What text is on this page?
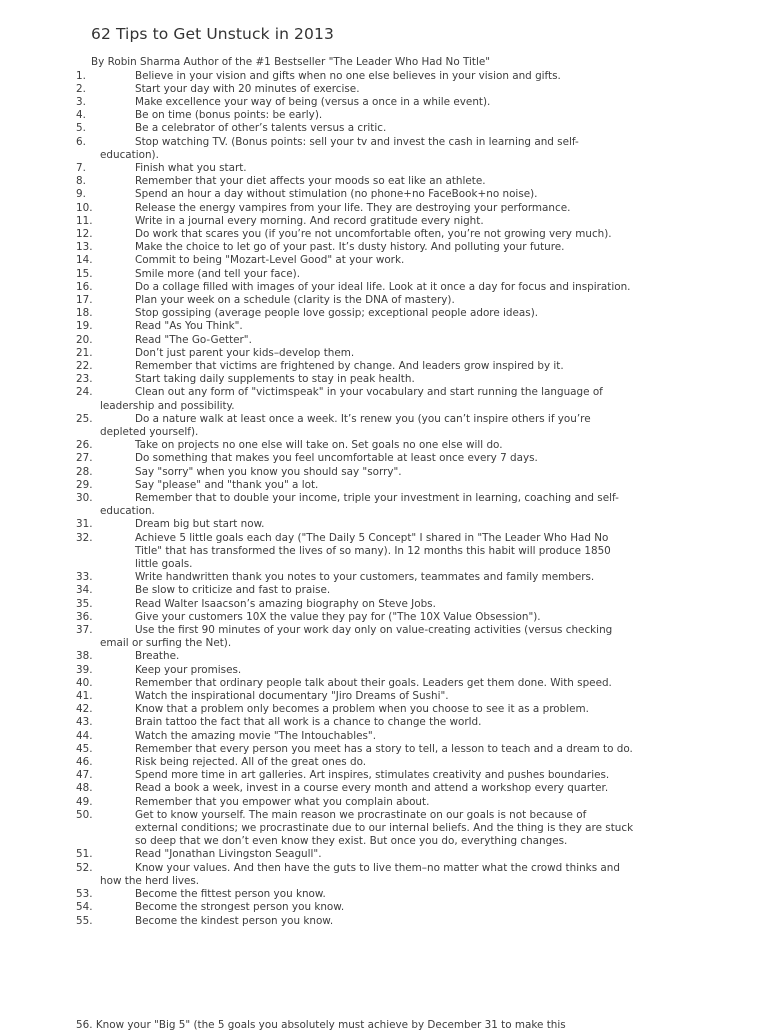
62 Tips to Get Unstuck in 2013
By Robin Sharma Author of the #1 Bestseller "The Leader Who Had No Title"
1.	Believe in your vision and gifts when no one else believes in your vision and gifts.
2.	Start your day with 20 minutes of exercise.
3.	Make excellence your way of being (versus a once in a while event).
4.	Be on time (bonus points: be early).
5.	Be a celebrator of other’s talents versus a critic.
6.	Stop watching TV. (Bonus points: sell your tv and invest the cash in learning and self-
education).
7.	Finish what you start.
8.	Remember that your diet affects your moods so eat like an athlete.
9.	Spend an hour a day without stimulation (no phone+no FaceBook+no noise).
10.	Release the energy vampires from your life. They are destroying your performance.
11.	Write in a journal every morning. And record gratitude every night.
12.	Do work that scares you (if you’re not uncomfortable often, you’re not growing very much).
13.	Make the choice to let go of your past. It’s dusty history. And polluting your future.
14.	Commit to being "Mozart-Level Good" at your work.
15.	Smile more (and tell your face).
16.	Do a collage filled with images of your ideal life. Look at it once a day for focus and inspiration.
17.	Plan your week on a schedule (clarity is the DNA of mastery).
18.	Stop gossiping (average people love gossip; exceptional people adore ideas).
19.	Read "As You Think".
20.	Read "The Go-Getter".
21.	Don’t just parent your kids–develop them.
22.	Remember that victims are frightened by change. And leaders grow inspired by it.
23.	Start taking daily supplements to stay in peak health.
24.	Clean out any form of "victimspeak" in your vocabulary and start running the language of
leadership and possibility.
25.	Do a nature walk at least once a week. It’s renew you (you can’t inspire others if you’re
depleted yourself).
26.	Take on projects no one else will take on. Set goals no one else will do.
27.	Do something that makes you feel uncomfortable at least once every 7 days.
28.	Say "sorry" when you know you should say "sorry".
29.	Say "please" and "thank you" a lot.
30.	Remember that to double your income, triple your investment in learning, coaching and self-
education.
31.	Dream big but start now.
32.	Achieve 5 little goals each day ("The Daily 5 Concept" I shared in "The Leader Who Had No
Title" that has transformed the lives of so many). In 12 months this habit will produce 1850
little goals.
33.	Write handwritten thank you notes to your customers, teammates and family members.
34.	Be slow to criticize and fast to praise.
35.	Read Walter Isaacson’s amazing biography on Steve Jobs.
36.	Give your customers 10X the value they pay for ("The 10X Value Obsession").
37.	Use the first 90 minutes of your work day only on value-creating activities (versus checking
email or surfing the Net).
38.	Breathe.
39.	Keep your promises.
40.	Remember that ordinary people talk about their goals. Leaders get them done. With speed.
41.	Watch the inspirational documentary "Jiro Dreams of Sushi".
42.	Know that a problem only becomes a problem when you choose to see it as a problem.
43.	Brain tattoo the fact that all work is a chance to change the world.
44.	Watch the amazing movie "The Intouchables".
45.	Remember that every person you meet has a story to tell, a lesson to teach and a dream to do.
46.	Risk being rejected. All of the great ones do.
47.	Spend more time in art galleries. Art inspires, stimulates creativity and pushes boundaries.
48.	Read a book a week, invest in a course every month and attend a workshop every quarter.
49.	Remember that you empower what you complain about.
50.	Get to know yourself. The main reason we procrastinate on our goals is not because of
external conditions; we procrastinate due to our internal beliefs. And the thing is they are stuck
so deep that we don’t even know they exist. But once you do, everything changes.
51.	Read "Jonathan Livingston Seagull".
52.	Know your values. And then have the guts to live them–no matter what the crowd thinks and
how the herd lives.
53.	Become the fittest person you know.
54.	Become the strongest person you know.
55.	Become the kindest person you know.
56. Know your "Big 5" (the 5 goals you absolutely must achieve by December 31 to make this
